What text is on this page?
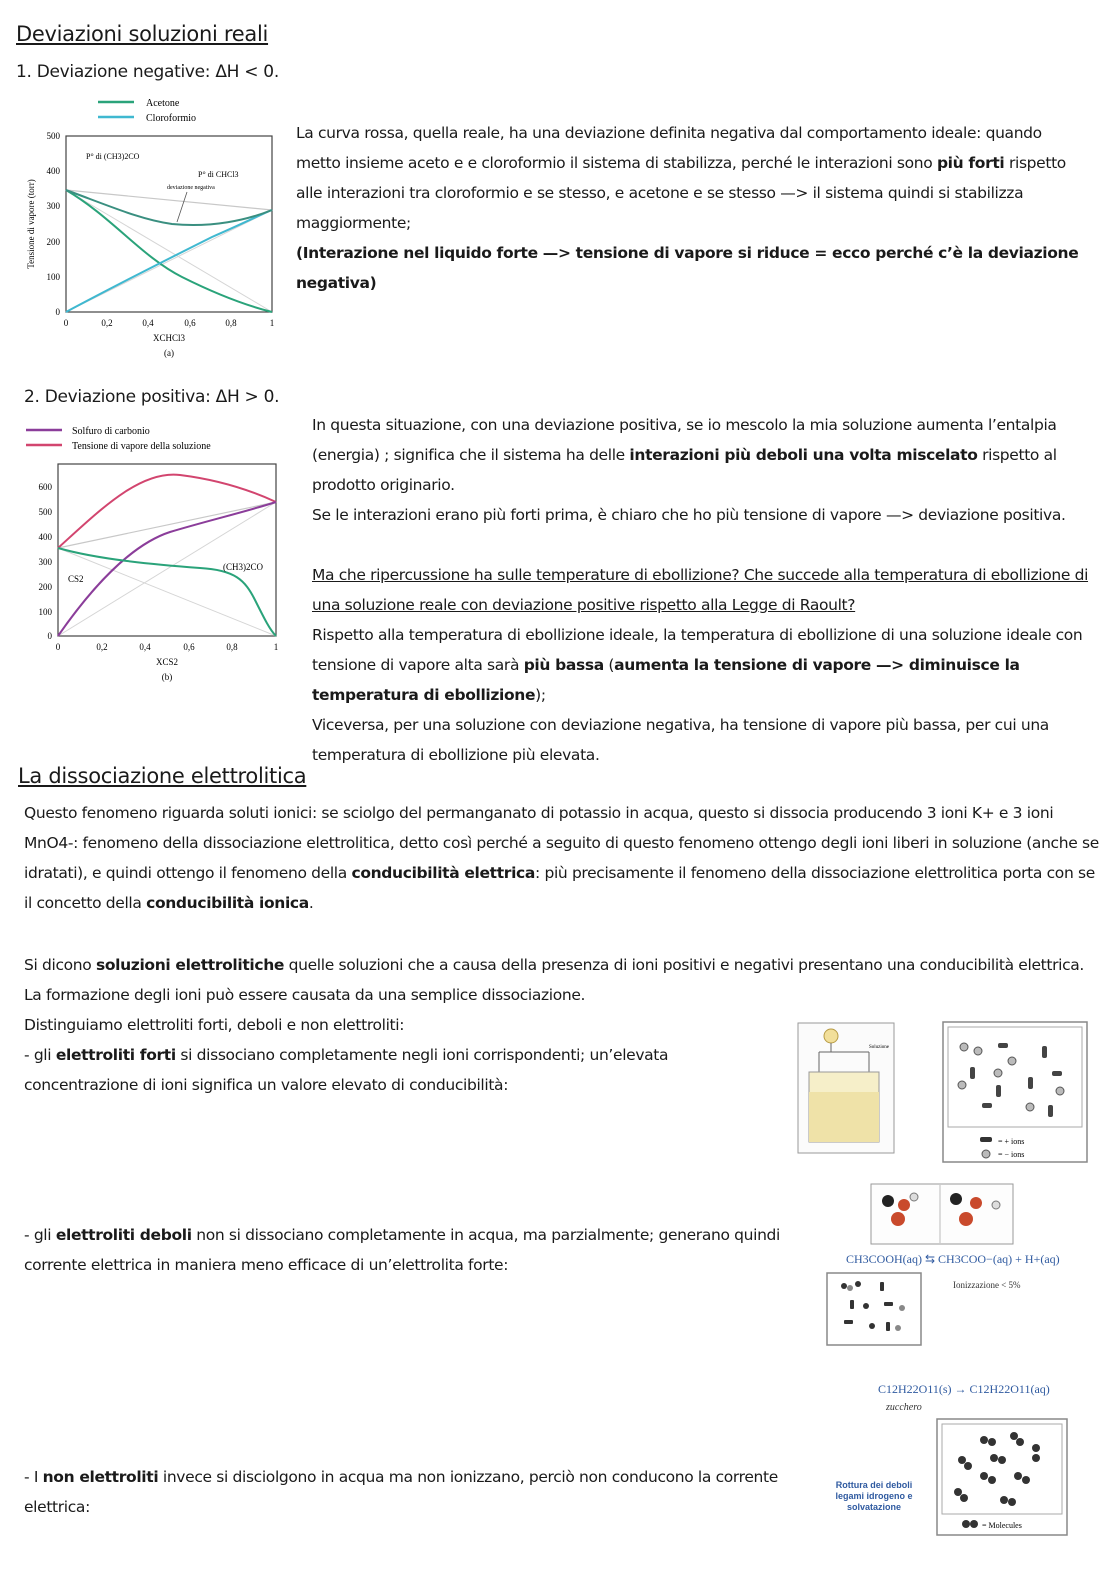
Deviazioni soluzioni reali
1. Deviazione negative: ΔH < 0.
Acetone
Cloroformio
Tensione di vapore (torr)
500
400
300
200
100
0
0	0,2	0,4	0,6	0,8	1
XCHCl3
(a)
P° di (CH3)2CO
P° di CHCl3
deviazione negativa
La curva rossa, quella reale, ha una deviazione definita negativa dal comportamento ideale: quando metto insieme aceto e e cloroformio il sistema di stabilizza, perché le interazioni sono più forti rispetto alle interazioni tra cloroformio e se stesso, e acetone e se stesso —> il sistema quindi si stabilizza maggiormente;
(Interazione nel liquido forte —> tensione di vapore si riduce = ecco perché c’è la deviazione negativa)
2. Deviazione positiva: ΔH > 0.
Solfuro di carbonio
Tensione di vapore della soluzione
600
500
400
300
200
100
0
0	0,2	0,4	0,6	0,8	1
XCS2
(b)
CS2
(CH3)2CO
In questa situazione, con una deviazione positiva, se io mescolo la mia soluzione aumenta l’entalpia (energia) ; significa che il sistema ha delle interazioni più deboli una volta miscelato rispetto al prodotto originario.
Se le interazioni erano più forti prima, è chiaro che ho più tensione di vapore —> deviazione positiva.

Ma che ripercussione ha sulle temperature di ebollizione? Che succede alla temperatura di ebollizione di una soluzione reale con deviazione positive rispetto alla Legge di Raoult?
Rispetto alla temperatura di ebollizione ideale, la temperatura di ebollizione di una soluzione ideale con tensione di vapore alta sarà più bassa (aumenta la tensione di vapore —> diminuisce la temperatura di ebollizione);
Viceversa, per una soluzione con deviazione negativa, ha tensione di vapore più bassa, per cui una temperatura di ebollizione più elevata.
La dissociazione elettrolitica
Questo fenomeno riguarda soluti ionici: se sciolgo del permanganato di potassio in acqua, questo si dissocia producendo 3 ioni K+ e 3 ioni MnO4-: fenomeno della dissociazione elettrolitica, detto così perché a seguito di questo fenomeno ottengo degli ioni liberi in soluzione (anche se idratati), e quindi ottengo il fenomeno della conducibilità elettrica: più precisamente il fenomeno della dissociazione elettrolitica porta con se il concetto della conducibilità ionica.
Si dicono soluzioni elettrolitiche quelle soluzioni che a causa della presenza di ioni positivi e negativi presentano una conducibilità elettrica. La formazione degli ioni può essere causata da una semplice dissociazione.
Distinguiamo elettroliti forti, deboli e non elettroliti:
- gli elettroliti forti si dissociano completamente negli ioni corrispondenti; un’elevata concentrazione di ioni significa un valore elevato di conducibilità:
- gli elettroliti deboli non si dissociano completamente in acqua, ma parzialmente; generano quindi corrente elettrica in maniera meno efficace di un’elettrolita forte:
- I non elettroliti invece si disciolgono in acqua ma non ionizzano, perciò non conducono la corrente elettrica:
Soluzione
= + ions
= − ions
CH3COOH(aq) ⇆ CH3COO−(aq) + H+(aq)
Ionizzazione < 5%
C12H22O11(s) → C12H22O11(aq)
zucchero
Rottura dei deboli legami idrogeno e solvatazione
= Molecules
